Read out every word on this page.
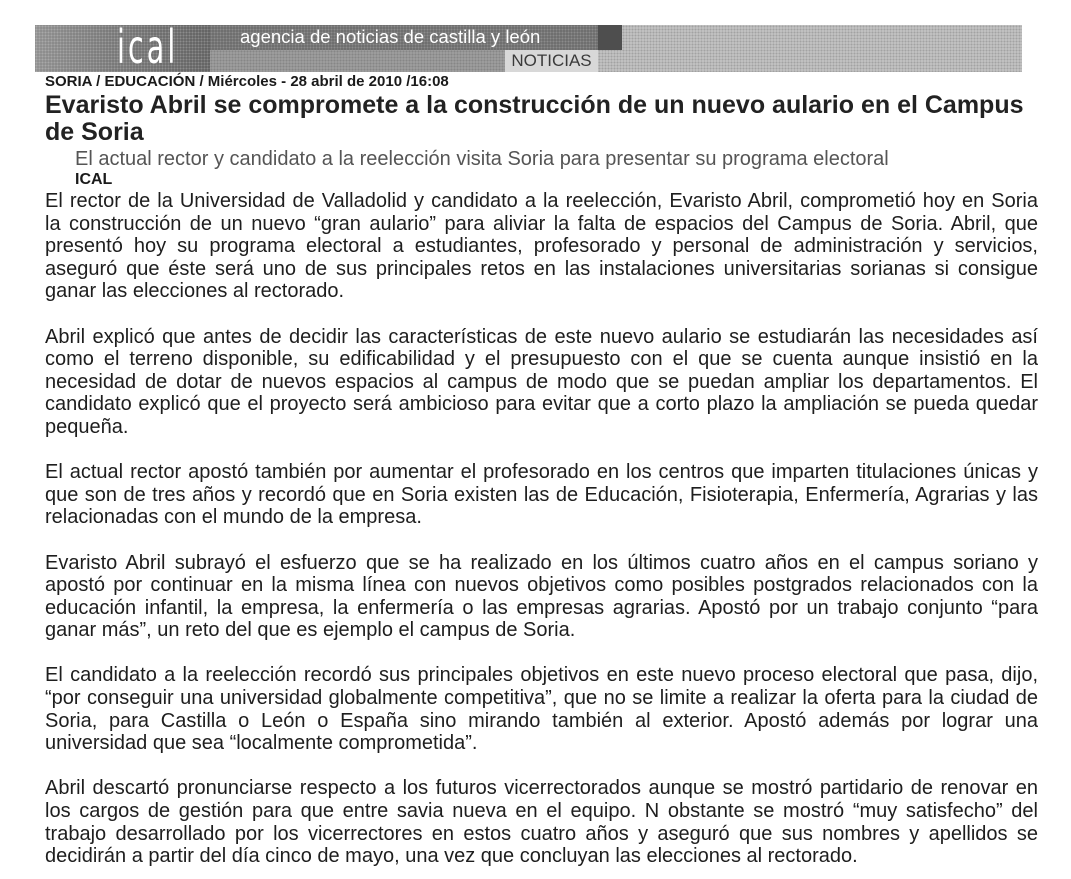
ical	agencia de noticias de castilla y león
NOTICIAS
SORIA / EDUCACIÓN / Miércoles - 28 abril de 2010 /16:08
Evaristo Abril se compromete a la construcción de un nuevo aulario en el Campus de Soria
El actual rector y candidato a la reelección visita Soria para presentar su programa electoral
ICAL
El rector de la Universidad de Valladolid y candidato a la reelección, Evaristo Abril, comprometió hoy en Soria
la construcción de un nuevo “gran aulario” para aliviar la falta de espacios del Campus de Soria. Abril, que
presentó hoy su programa electoral a estudiantes, profesorado y personal de administración y servicios,
aseguró que éste será uno de sus principales retos en las instalaciones universitarias sorianas si consigue
ganar las elecciones al rectorado.
Abril explicó que antes de decidir las características de este nuevo aulario se estudiarán las necesidades así
como el terreno disponible, su edificabilidad y el presupuesto con el que se cuenta aunque insistió en la
necesidad de dotar de nuevos espacios al campus de modo que se puedan ampliar los departamentos. El
candidato explicó que el proyecto será ambicioso para evitar que a corto plazo la ampliación se pueda quedar
pequeña.
El actual rector apostó también por aumentar el profesorado en los centros que imparten titulaciones únicas y
que son de tres años y recordó que en Soria existen las de Educación, Fisioterapia, Enfermería, Agrarias y las
relacionadas con el mundo de la empresa.
Evaristo Abril subrayó el esfuerzo que se ha realizado en los últimos cuatro años en el campus soriano y
apostó por continuar en la misma línea con nuevos objetivos como posibles postgrados relacionados con la
educación infantil, la empresa, la enfermería o las empresas agrarias. Apostó por un trabajo conjunto “para
ganar más”, un reto del que es ejemplo el campus de Soria.
El candidato a la reelección recordó sus principales objetivos en este nuevo proceso electoral que pasa, dijo,
“por conseguir una universidad globalmente competitiva”, que no se limite a realizar la oferta para la ciudad de
Soria, para Castilla o León o España sino mirando también al exterior. Apostó además por lograr una
universidad que sea “localmente comprometida”.
Abril descartó pronunciarse respecto a los futuros vicerrectorados aunque se mostró partidario de renovar en
los cargos de gestión para que entre savia nueva en el equipo. N obstante se mostró “muy satisfecho” del
trabajo desarrollado por los vicerrectores en estos cuatro años y aseguró que sus nombres y apellidos se
decidirán a partir del día cinco de mayo, una vez que concluyan las elecciones al rectorado.
